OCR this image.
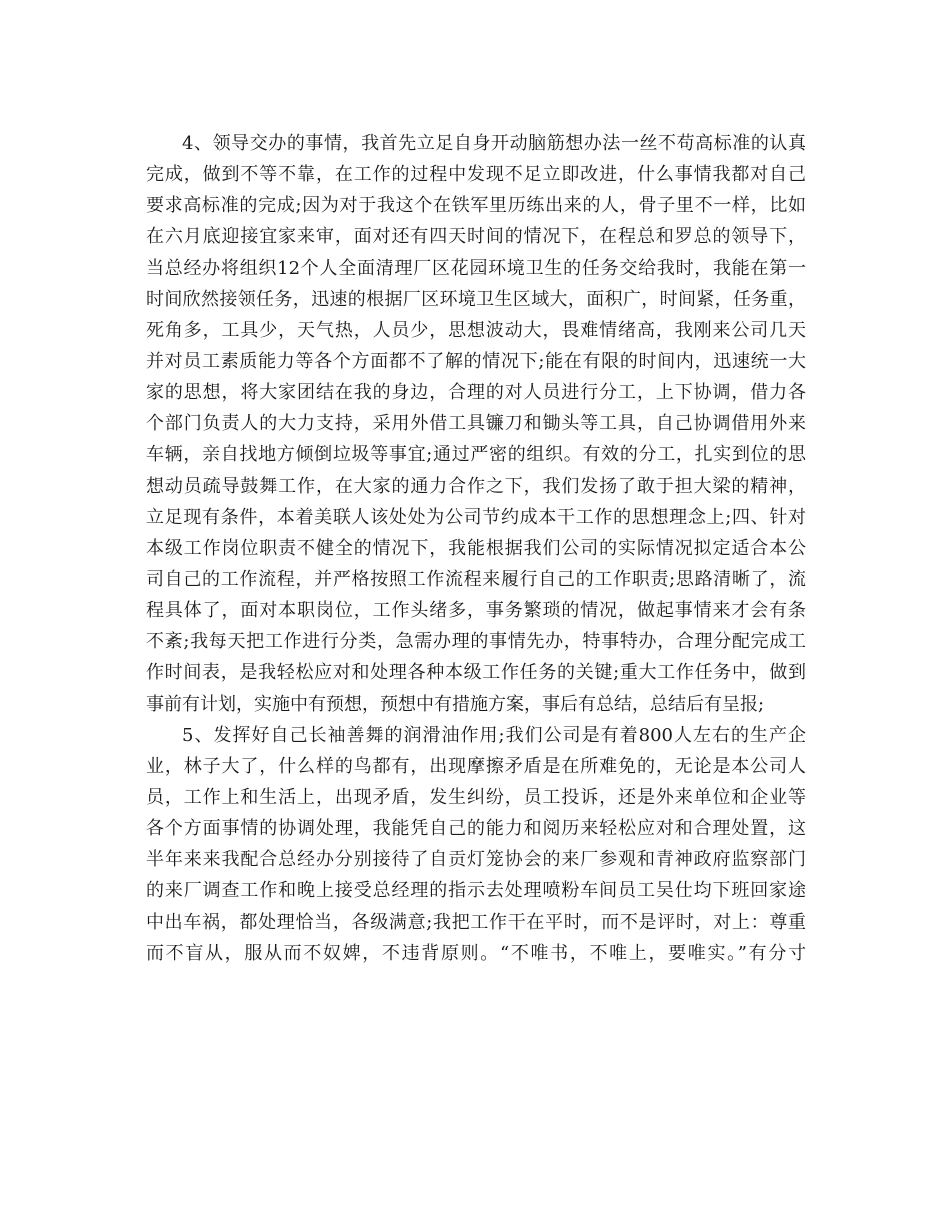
4、领导交办的事情，我首先立足自身开动脑筋想办法一丝不苟高标准的认真
完成，做到不等不靠，在工作的过程中发现不足立即改进，什么事情我都对自己
要求高标准的完成;因为对于我这个在铁军里历练出来的人，骨子里不一样，比如
在六月底迎接宜家来审，面对还有四天时间的情况下，在程总和罗总的领导下，
当总经办将组织12个人全面清理厂区花园环境卫生的任务交给我时，我能在第一
时间欣然接领任务，迅速的根据厂区环境卫生区域大，面积广，时间紧，任务重，
死角多，工具少，天气热，人员少，思想波动大，畏难情绪高，我刚来公司几天
并对员工素质能力等各个方面都不了解的情况下;能在有限的时间内，迅速统一大
家的思想，将大家团结在我的身边，合理的对人员进行分工，上下协调，借力各
个部门负责人的大力支持，采用外借工具镰刀和锄头等工具，自己协调借用外来
车辆，亲自找地方倾倒垃圾等事宜;通过严密的组织。有效的分工，扎实到位的思
想动员疏导鼓舞工作，在大家的通力合作之下，我们发扬了敢于担大梁的精神，
立足现有条件，本着美联人该处处为公司节约成本干工作的思想理念上;四、针对
本级工作岗位职责不健全的情况下，我能根据我们公司的实际情况拟定适合本公
司自己的工作流程，并严格按照工作流程来履行自己的工作职责;思路清晰了，流
程具体了，面对本职岗位，工作头绪多，事务繁琐的情况，做起事情来才会有条
不紊;我每天把工作进行分类，急需办理的事情先办，特事特办，合理分配完成工
作时间表，是我轻松应对和处理各种本级工作任务的关键;重大工作任务中，做到
事前有计划，实施中有预想，预想中有措施方案，事后有总结，总结后有呈报;
5、发挥好自己长袖善舞的润滑油作用;我们公司是有着800人左右的生产企
业，林子大了，什么样的鸟都有，出现摩擦矛盾是在所难免的，无论是本公司人
员，工作上和生活上，出现矛盾，发生纠纷，员工投诉，还是外来单位和企业等
各个方面事情的协调处理，我能凭自己的能力和阅历来轻松应对和合理处置，这
半年来来我配合总经办分别接待了自贡灯笼协会的来厂参观和青神政府监察部门
的来厂调查工作和晚上接受总经理的指示去处理喷粉车间员工吴仕均下班回家途
中出车祸，都处理恰当，各级满意;我把工作干在平时，而不是评时，对上：尊重
而不盲从，服从而不奴婢，不违背原则。“不唯书，不唯上，要唯实。”有分寸
